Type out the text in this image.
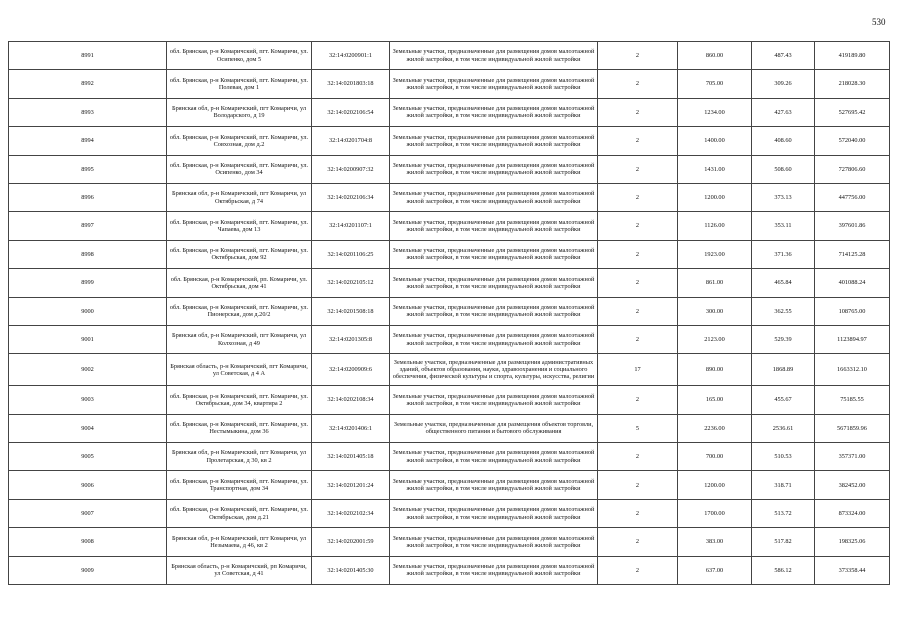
530
8991	обл. Брянская, р-н Комаричский, пгт. Комаричи, ул. Осипенко, дом 5	32:14:0200901:1	Земельные участки, предназначенные для размещения домов малоэтажной жилой застройки, в том числе индивидуальной жилой застройки	2	860.00	487.43	419189.80
8992	обл. Брянская, р-н Комаричский, пгт. Комаричи, ул. Полевая, дом 1	32:14:0201803:18	Земельные участки, предназначенные для размещения домов малоэтажной жилой застройки, в том числе индивидуальной жилой застройки	2	705.00	309.26	218028.30
8993	Брянская обл, р-н Комаричский, пгт Комаричи, ул Володарского, д 19	32:14:0202106:54	Земельные участки, предназначенные для размещения домов малоэтажной жилой застройки, в том числе индивидуальной жилой застройки	2	1234.00	427.63	527695.42
8994	обл. Брянская, р-н Комаричский, пгт. Комаричи, ул. Совхозная, дом д.2	32:14:0201704:8	Земельные участки, предназначенные для размещения домов малоэтажной жилой застройки, в том числе индивидуальной жилой застройки	2	1400.00	408.60	572040.00
8995	обл. Брянская, р-н Комаричский, пгт. Комаричи, ул. Осипенко, дом 34	32:14:0200907:32	Земельные участки, предназначенные для размещения домов малоэтажной жилой застройки, в том числе индивидуальной жилой застройки	2	1431.00	508.60	727806.60
8996	Брянская обл, р-н Комаричский, пгт Комаричи, ул Октябрьская, д 74	32:14:0202106:34	Земельные участки, предназначенные для размещения домов малоэтажной жилой застройки, в том числе индивидуальной жилой застройки	2	1200.00	373.13	447756.00
8997	обл. Брянская, р-н Комаричский, пгт. Комаричи, ул. Чапаева, дом 13	32:14:0201107:1	Земельные участки, предназначенные для размещения домов малоэтажной жилой застройки, в том числе индивидуальной жилой застройки	2	1126.00	353.11	397601.86
8998	обл. Брянская, р-н Комаричский, пгт. Комаричи, ул. Октябрьская, дом 92	32:14:0201106:25	Земельные участки, предназначенные для размещения домов малоэтажной жилой застройки, в том числе индивидуальной жилой застройки	2	1923.00	371.36	714125.28
8999	обл. Брянская, р-н Комаричский, рп. Комаричи, ул. Октябрьская, дом 41	32:14:0202105:12	Земельные участки, предназначенные для размещения домов малоэтажной жилой застройки, в том числе индивидуальной жилой застройки	2	861.00	465.84	401088.24
9000	обл. Брянская, р-н Комаричский, пгт. Комаричи, ул. Пионерская, дом д.20/2	32:14:0201508:18	Земельные участки, предназначенные для размещения домов малоэтажной жилой застройки, в том числе индивидуальной жилой застройки	2	300.00	362.55	108765.00
9001	Брянская обл, р-н Комаричский, пгт Комаричи, ул Колхозная, д 49	32:14:0201305:8	Земельные участки, предназначенные для размещения домов малоэтажной жилой застройки, в том числе индивидуальной жилой застройки	2	2123.00	529.39	1123894.97
9002	Брянская область, р-н Комаричский, пгт Комаричи, ул Советская, д 4 А	32:14:0200909:6	Земельные участки, предназначенные для размещения административных зданий, объектов образования, науки, здравоохранения и социального обеспечения, физической культуры и спорта, культуры, искусства, религии	17	890.00	1868.89	1663312.10
9003	обл. Брянская, р-н Комаричский, пгт. Комаричи, ул. Октябрьская, дом 34, квартира 2	32:14:0202108:34	Земельные участки, предназначенные для размещения домов малоэтажной жилой застройки, в том числе индивидуальной жилой застройки	2	165.00	455.67	75185.55
9004	обл. Брянская, р-н Комаричский, пгт. Комаричи, ул. Нестымыкина, дом 36	32:14:0201406:1	Земельные участки, предназначенные для размещения объектов торговли, общественного питания и бытового обслуживания	5	2236.00	2536.61	5671859.96
9005	Брянская обл, р-н Комаричский, пгт Комаричи, ул Пролетарская, д 30, кв 2	32:14:0201405:18	Земельные участки, предназначенные для размещения домов малоэтажной жилой застройки, в том числе индивидуальной жилой застройки	2	700.00	510.53	357371.00
9006	обл. Брянская, р-н Комаричский, пгт. Комаричи, ул. Транспортная, дом 34	32:14:0201201:24	Земельные участки, предназначенные для размещения домов малоэтажной жилой застройки, в том числе индивидуальной жилой застройки	2	1200.00	318.71	382452.00
9007	обл. Брянская, р-н Комаричский, пгт. Комаричи, ул. Октябрьская, дом д.21	32:14:0202102:34	Земельные участки, предназначенные для размещения домов малоэтажной жилой застройки, в том числе индивидуальной жилой застройки	2	1700.00	513.72	873324.00
9008	Брянская обл, р-н Комаричский, пгт Комаричи, ул Незымаева, д 46, кв 2	32:14:0202001:59	Земельные участки, предназначенные для размещения домов малоэтажной жилой застройки, в том числе индивидуальной жилой застройки	2	383.00	517.82	198325.06
9009	Брянская область, р-н Комаричский, рп Комаричи, ул Советская, д 41	32:14:0201405:30	Земельные участки, предназначенные для размещения домов малоэтажной жилой застройки, в том числе индивидуальной жилой застройки	2	637.00	586.12	373358.44
